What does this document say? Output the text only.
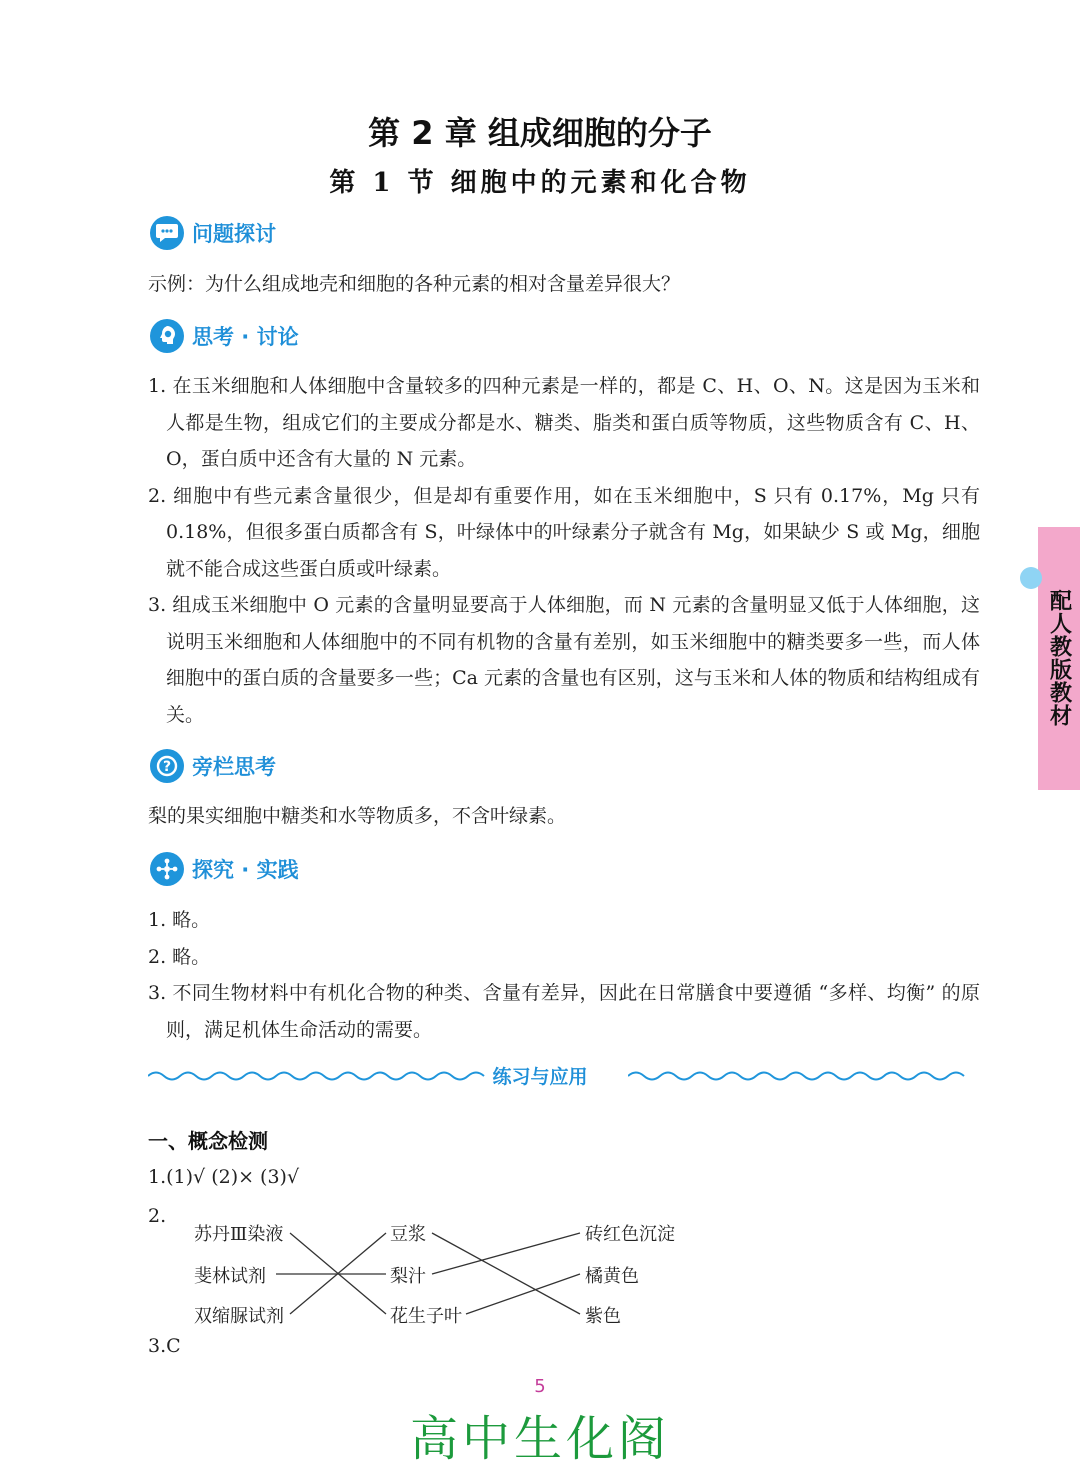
第 2 章 组成细胞的分子
第 1 节 细胞中的元素和化合物
问题探讨
示例：为什么组成地壳和细胞的各种元素的相对含量差异很大？
思考 · 讨论
1. 在玉米细胞和人体细胞中含量较多的四种元素是一样的，都是 C、H、O、N。这是因为玉米和人都是生物，组成它们的主要成分都是水、糖类、脂类和蛋白质等物质，这些物质含有 C、H、O，蛋白质中还含有大量的 N 元素。
2. 细胞中有些元素含量很少，但是却有重要作用，如在玉米细胞中，S 只有 0.17%，Mg 只有 0.18%，但很多蛋白质都含有 S，叶绿体中的叶绿素分子就含有 Mg，如果缺少 S 或 Mg，细胞就不能合成这些蛋白质或叶绿素。
3. 组成玉米细胞中 O 元素的含量明显要高于人体细胞，而 N 元素的含量明显又低于人体细胞，这说明玉米细胞和人体细胞中的不同有机物的含量有差别，如玉米细胞中的糖类要多一些，而人体细胞中的蛋白质的含量要多一些；Ca 元素的含量也有区别，这与玉米和人体的物质和结构组成有关。
? 旁栏思考
梨的果实细胞中糖类和水等物质多，不含叶绿素。
探究 · 实践
1. 略。
2. 略。
3. 不同生物材料中有机化合物的种类、含量有差异，因此在日常膳食中要遵循 “多样、均衡” 的原则，满足机体生命活动的需要。
练习与应用
一、概念检测
1.(1)√ (2)× (3)√
2.
苏丹Ⅲ染液
斐林试剂
双缩脲试剂
豆浆
梨汁
花生子叶
砖红色沉淀
橘黄色
紫色
3.C
配人教版教材
5
高中生化阁
